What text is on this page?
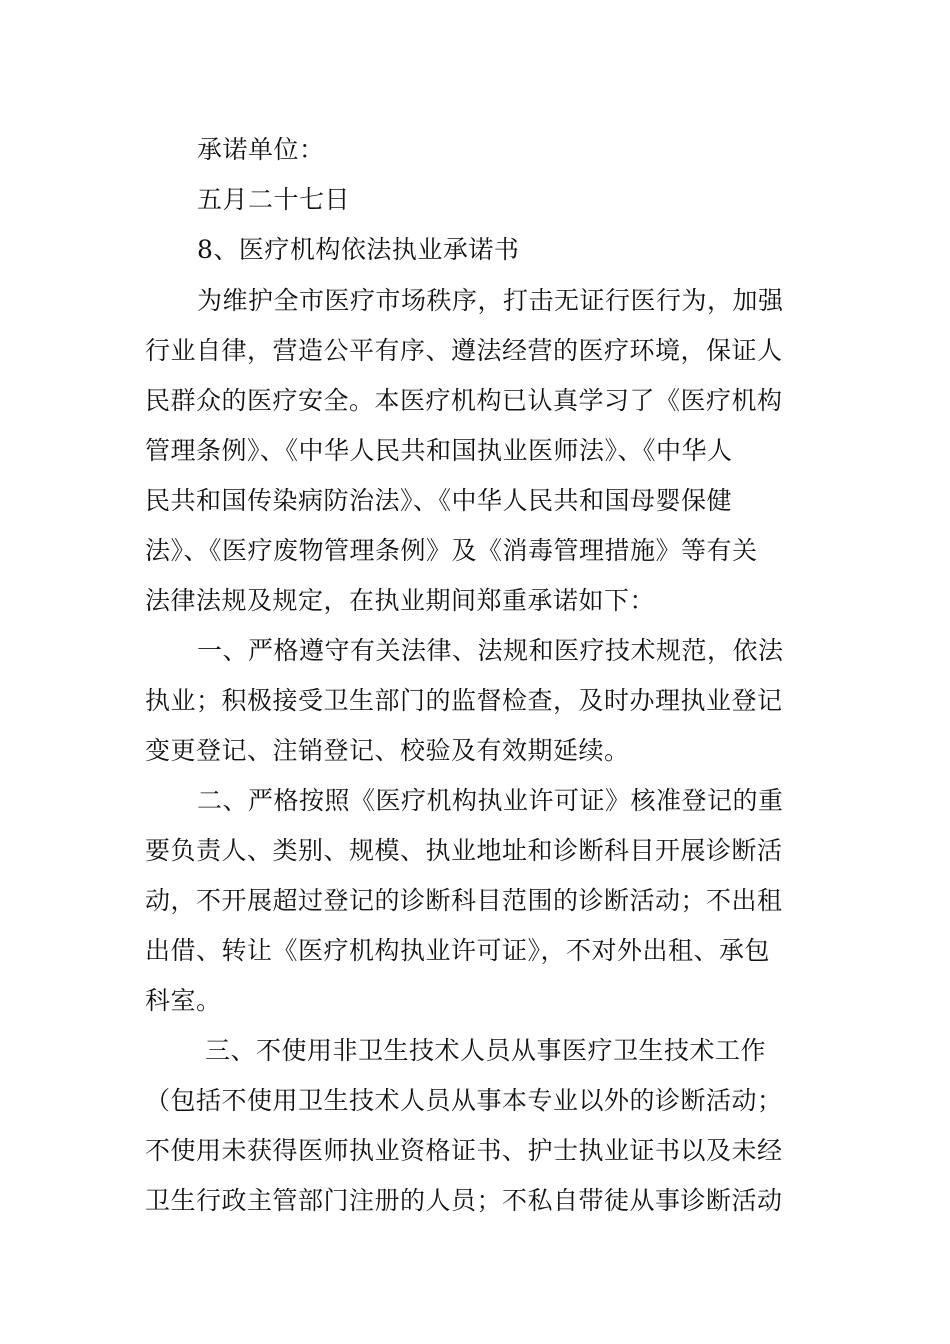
承诺单位：
五月二十七日
8、医疗机构依法执业承诺书
为维护全市医疗市场秩序，打击无证行医行为，加强
行业自律，营造公平有序、遵法经营的医疗环境，保证人
民群众的医疗安全。本医疗机构已认真学习了《医疗机构
管理条例》、《中华人民共和国执业医师法》、《中华人
民共和国传染病防治法》、《中华人民共和国母婴保健
法》、《医疗废物管理条例》及《消毒管理措施》等有关
法律法规及规定，在执业期间郑重承诺如下：
一、严格遵守有关法律、法规和医疗技术规范，依法
执业；积极接受卫生部门的监督检查，及时办理执业登记
变更登记、注销登记、校验及有效期延续。
二、严格按照《医疗机构执业许可证》核准登记的重
要负责人、类别、规模、执业地址和诊断科目开展诊断活
动，不开展超过登记的诊断科目范围的诊断活动；不出租
出借、转让《医疗机构执业许可证》，不对外出租、承包
科室。
三、不使用非卫生技术人员从事医疗卫生技术工作
（包括不使用卫生技术人员从事本专业以外的诊断活动；
不使用未获得医师执业资格证书、护士执业证书以及未经
卫生行政主管部门注册的人员；不私自带徒从事诊断活动
